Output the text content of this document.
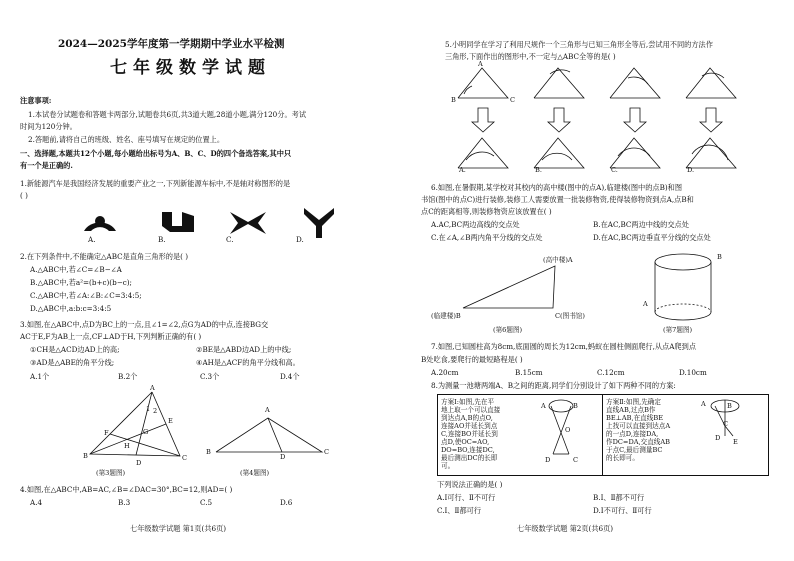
2024—2025学年度第一学期期中学业水平检测
七年级数学试题
注意事项:
1.本试卷分试题卷和答题卡两部分,试题卷共6页,共3道大题,28道小题,满分120分。考试
时间为120分钟。
2.答题前,请将自己的班级、姓名、座号填写在规定的位置上。
一、选择题,本题共12个小题,每小题给出标号为A、B、C、D的四个备选答案,其中只
有一个是正确的.
1.新能源汽车是我国经济发展的重要产业之一,下列新能源车标中,不是轴对称图形的是
( )
A.	B.	C.	D.
2.在下列条件中,不能确定△ABC是直角三角形的是( )
A.△ABC中,若∠C=∠B−∠A
B.△ABC中,若a²=(b+c)(b−c);
C.△ABC中,若∠A:∠B:∠C=3:4:5;
D.△ABC中,a:b:c=3:4:5
3.如图,在△ABC中,点D为BC上的一点,且∠1=∠2,点G为AD的中点,连接BG交
AC于E,F为AB上一点,CF⊥AD于H,下列判断正确的有( )
①CH是△ACD边AD上的高;	②BE是△ABD边AD上的中线;
③AD是△ABE的角平分线;	④AH是△ACF的角平分线和高。
A.1个	B.2个	C.3个	D.4个
A
1 2
F
E
G
H
B
D
C
(第3题图)
A
B
D
C
(第4题图)
4.如图,在△ABC中,AB=AC,∠B=∠DAC=30°,BC=12,则AD=( )
A.4	B.3	C.5	D.6
七年级数学试题 第1页(共6页)
5.小明同学在学习了利用尺规作一个三角形与已知三角形全等后,尝试用不同的方法作
三角形,下面作出的图形中,不一定与△ABC全等的是( )
A
B	C
A.	B.	C.	D.
6.如图,在暑假期,某学校对其校内的高中楼(图中的点A),临建楼(图中的点B)和图
书馆(图中的点C)进行装修,装修工人需要放置一批装修物资,使得装修物资到点A,点B和
点C的距离相等,则装修物资应该放置在( )
A.AC,BC两边高线的交点处	B.在AC,BC两边中线的交点处
C.在∠A,∠B两内角平分线的交点处	D.在AC,BC两边垂直平分线的交点处
(高中楼)A
(临建楼)B	C(图书馆)
(第6题图)
B
A
(第7题图)
7.如图,已知圆柱高为8cm,底面圆的周长为12cm,蚂蚁在圆柱侧面爬行,从点A爬到点
B处吃食,要爬行的最短路程是( )
A.20cm	B.15cm	C.12cm	D.10cm
8.为测量一池塘两端A、B之间的距离,同学们分别设计了如下两种不同的方案:
方案Ⅰ:如图,先在平
地上取一个可以直接
到达点A,B的点O,
连接AO并延长到点
C,连接BO并延长到
点D,使OC=AO,
DO=BO,连接DC,
最后测出DC的长即
可。
A	B
O
D	C
方案Ⅱ:如图,先确定
直线AB,过点B作
BE⊥AB,在直线BE
上找可以直接到达点A
的一点D,连接DA,
作DC=DA,交直线AB
于点C,最后测量BC
的长即可。
A	B
C
D E
下列说法正确的是( )
A.Ⅰ可行、Ⅱ不可行	B.Ⅰ、Ⅱ都不可行
C.Ⅰ、Ⅱ都可行	D.Ⅰ不可行、Ⅱ可行
七年级数学试题 第2页(共6页)
